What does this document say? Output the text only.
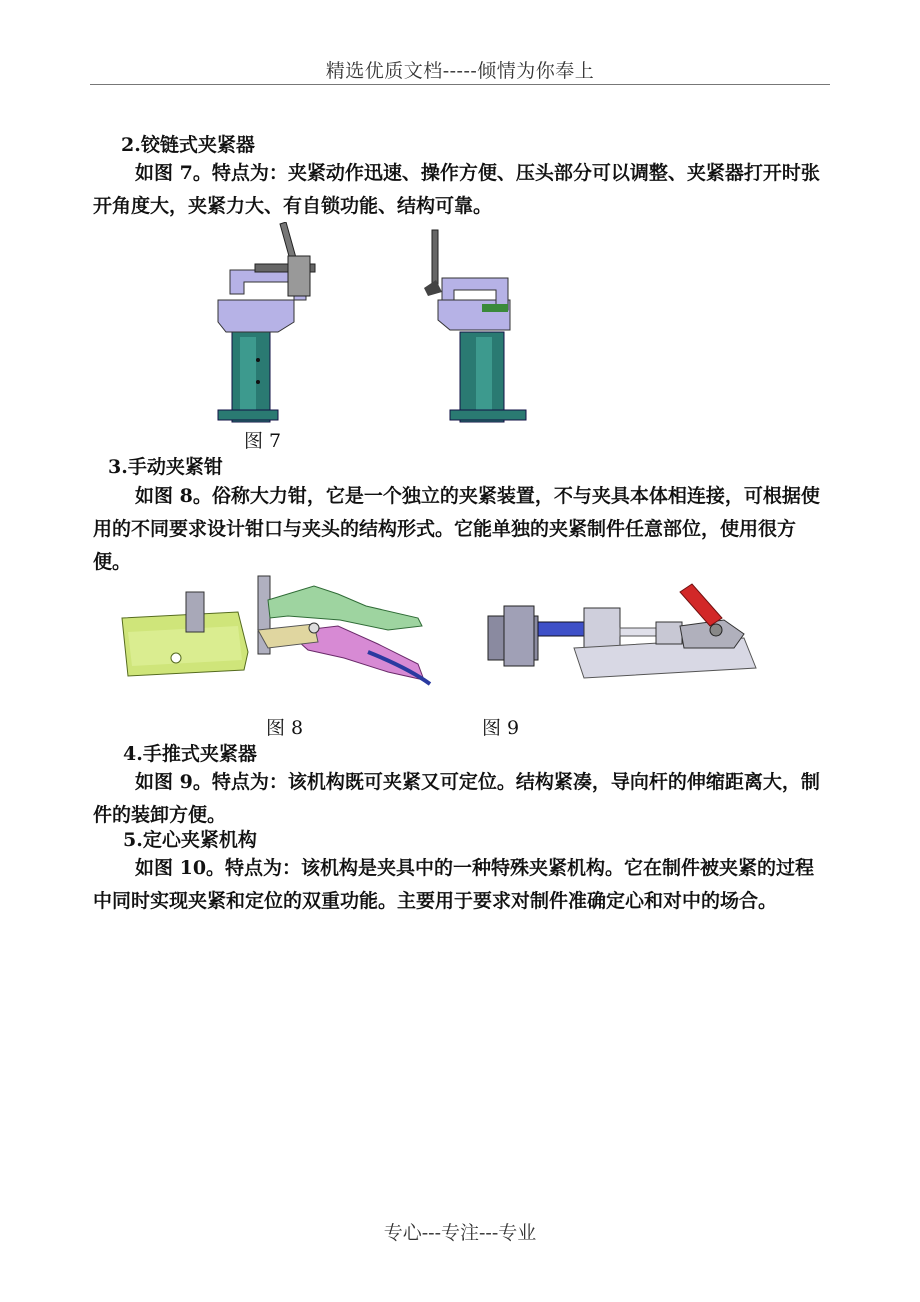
精选优质文档-----倾情为你奉上
2.铰链式夹紧器
如图 7。特点为：夹紧动作迅速、操作方便、压头部分可以调整、夹紧器打开时张开角度大，夹紧力大、有自锁功能、结构可靠。
图 7
3.手动夹紧钳
如图 8。俗称大力钳，它是一个独立的夹紧装置，不与夹具本体相连接，可根据使用的不同要求设计钳口与夹头的结构形式。它能单独的夹紧制件任意部位，使用很方便。
图 8	图 9
4.手推式夹紧器
如图 9。特点为：该机构既可夹紧又可定位。结构紧凑，导向杆的伸缩距离大，制件的装卸方便。
5.定心夹紧机构
如图 10。特点为：该机构是夹具中的一种特殊夹紧机构。它在制件被夹紧的过程中同时实现夹紧和定位的双重功能。主要用于要求对制件准确定心和对中的场合。
专心---专注---专业
